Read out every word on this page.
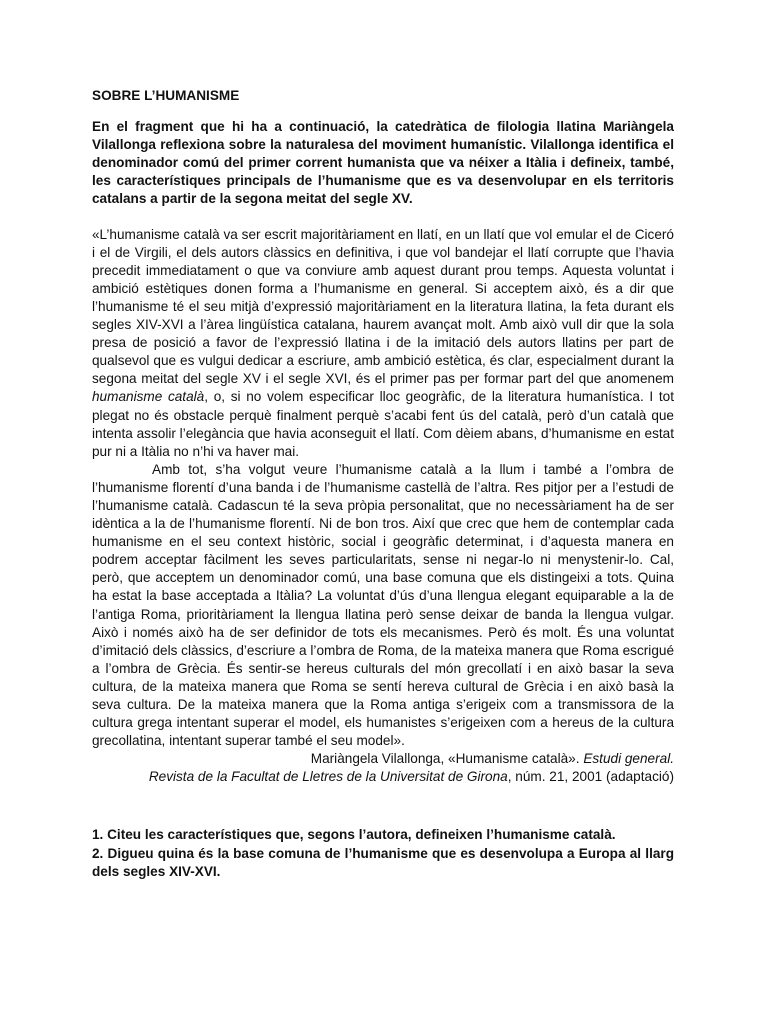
SOBRE L’HUMANISME

En el fragment que hi ha a continuació, la catedràtica de filologia llatina Mariàngela Vilallonga reflexiona sobre la naturalesa del moviment humanístic. Vilallonga identifica el denominador comú del primer corrent humanista que va néixer a Itàlia i defineix, també, les característiques principals de l’humanisme que es va desenvolupar en els territoris catalans a partir de la segona meitat del segle XV.

«L’humanisme català va ser escrit majoritàriament en llatí, en un llatí que vol emular el de Ciceró i el de Virgili, el dels autors clàssics en definitiva, i que vol bandejar el llatí corrupte que l’havia precedit immediatament o que va conviure amb aquest durant prou temps. Aquesta voluntat i ambició estètiques donen forma a l’humanisme en general. Si acceptem això, és a dir que l’humanisme té el seu mitjà d’expressió majoritàriament en la literatura llatina, la feta durant els segles XIV-XVI a l’àrea lingüística catalana, haurem avançat molt. Amb això vull dir que la sola presa de posició a favor de l’expressió llatina i de la imitació dels autors llatins per part de qualsevol que es vulgui dedicar a escriure, amb ambició estètica, és clar, especialment durant la segona meitat del segle XV i el segle XVI, és el primer pas per formar part del que anomenem humanisme català, o, si no volem especificar lloc geogràfic, de la literatura humanística. I tot plegat no és obstacle perquè finalment perquè s’acabi fent ús del català, però d’un català que intenta assolir l’elegància que havia aconseguit el llatí. Com dèiem abans, d’humanisme en estat pur ni a Itàlia no n’hi va haver mai.

Amb tot, s’ha volgut veure l’humanisme català a la llum i també a l’ombra de l’humanisme florentí d’una banda i de l’humanisme castellà de l’altra. Res pitjor per a l’estudi de l’humanisme català. Cadascun té la seva pròpia personalitat, que no necessàriament ha de ser idèntica a la de l’humanisme florentí. Ni de bon tros. Així que crec que hem de contemplar cada humanisme en el seu context històric, social i geogràfic determinat, i d’aquesta manera en podrem acceptar fàcilment les seves particularitats, sense ni negar-lo ni menystenir-lo. Cal, però, que acceptem un denominador comú, una base comuna que els distingeixi a tots. Quina ha estat la base acceptada a Itàlia? La voluntat d’ús d’una llengua elegant equiparable a la de l’antiga Roma, prioritàriament la llengua llatina però sense deixar de banda la llengua vulgar. Això i només això ha de ser definidor de tots els mecanismes. Però és molt. És una voluntat d’imitació dels clàssics, d’escriure a l’ombra de Roma, de la mateixa manera que Roma escrigué a l’ombra de Grècia. És sentir-se hereus culturals del món grecollatí i en això basar la seva cultura, de la mateixa manera que Roma se sentí hereva cultural de Grècia i en això basà la seva cultura. De la mateixa manera que la Roma antiga s’erigeix com a transmissora de la cultura grega intentant superar el model, els humanistes s’erigeixen com a hereus de la cultura grecollatina, intentant superar també el seu model».

Mariàngela Vilallonga, «Humanisme català». Estudi general.

Revista de la Facultat de Lletres de la Universitat de Girona, núm. 21, 2001 (adaptació)

1. Citeu les característiques que, segons l’autora, defineixen l’humanisme català.

2. Digueu quina és la base comuna de l’humanisme que es desenvolupa a Europa al llarg dels segles XIV-XVI.
